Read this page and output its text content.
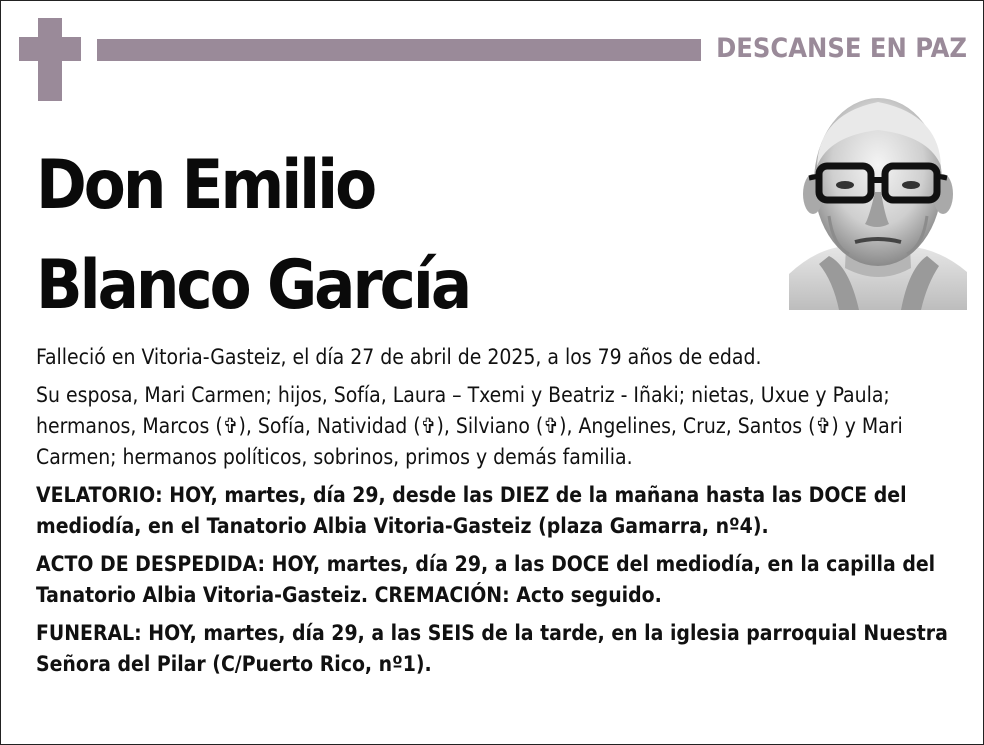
DESCANSE EN PAZ
Don Emilio
Blanco García

Falleció en Vitoria-Gasteiz, el día 27 de abril de 2025, a los 79 años de edad.

Su esposa, Mari Carmen; hijos, Sofía, Laura – Txemi y Beatriz - Iñaki; nietas, Uxue y Paula; hermanos, Marcos (✞), Sofía, Natividad (✞), Silviano (✞), Angelines, Cruz, Santos (✞) y Mari Carmen; hermanos políticos, sobrinos, primos y demás familia.

VELATORIO: HOY, martes, día 29, desde las DIEZ de la mañana hasta las DOCE del mediodía, en el Tanatorio Albia Vitoria-Gasteiz (plaza Gamarra, nº4).

ACTO DE DESPEDIDA: HOY, martes, día 29, a las DOCE del mediodía, en la capilla del Tanatorio Albia Vitoria-Gasteiz. CREMACIÓN: Acto seguido.

FUNERAL: HOY, martes, día 29, a las SEIS de la tarde, en la iglesia parroquial Nuestra Señora del Pilar (C/Puerto Rico, nº1).
